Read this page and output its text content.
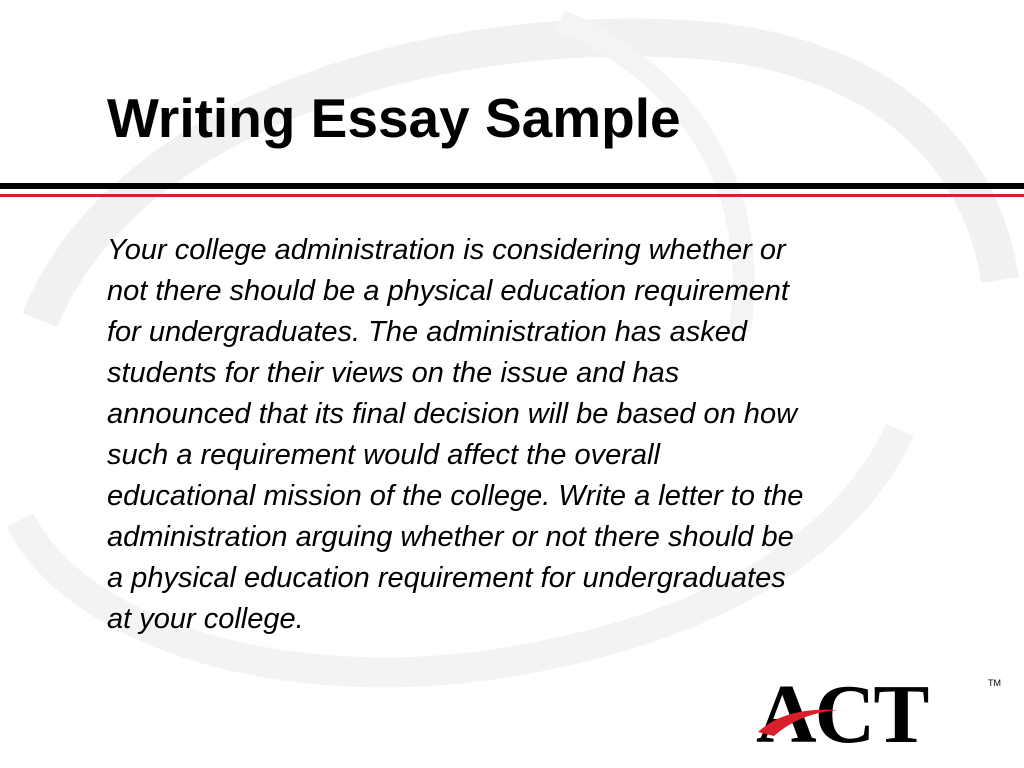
Writing Essay Sample

Your college administration is considering whether or
not there should be a physical education requirement
for undergraduates. The administration has asked
students for their views on the issue and has
announced that its final decision will be based on how
such a requirement would affect the overall
educational mission of the college. Write a letter to the
administration arguing whether or not there should be
a physical education requirement for undergraduates
at your college.

ACT	TM
